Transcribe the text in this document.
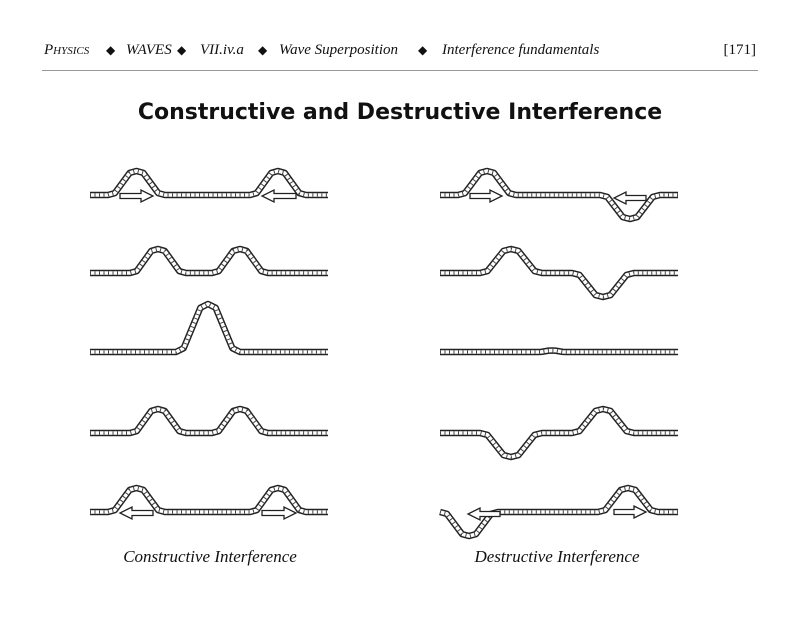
Physics ◆ WAVES ◆ VII.iv.a ◆ Wave Superposition ◆ Interference fundamentals	[171]
Constructive and Destructive Interference
Constructive Interference	Destructive Interference
